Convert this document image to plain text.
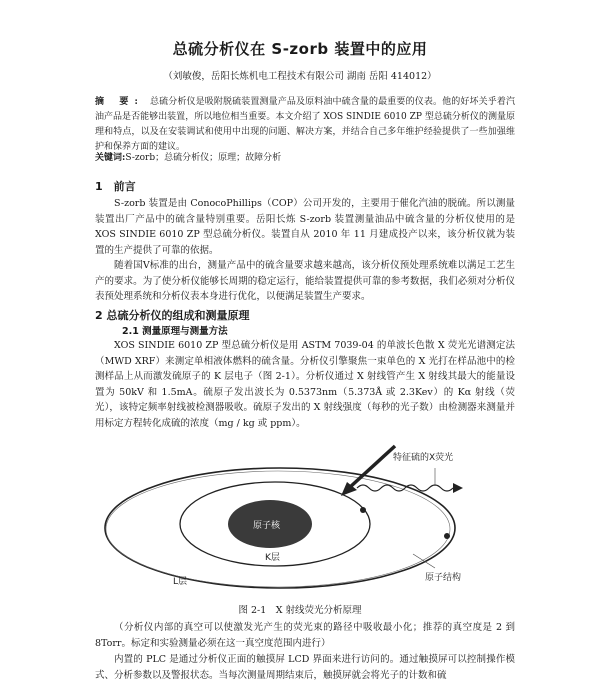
总硫分析仪在 S-zorb 装置中的应用
（刘敏俊，岳阳长炼机电工程技术有限公司 湖南 岳阳 414012）
摘 要: 总硫分析仪是吸附脱硫装置测量产品及原料油中硫含量的最重要的仪表。他的好坏关乎着汽油产品是否能够出装置，所以地位相当重要。本文介绍了 XOS SINDIE 6010 ZP 型总硫分析仪的测量原理和特点，以及在安装调试和使用中出现的问题、解决方案，并结合自己多年维护经验提供了一些加强维护和保养方面的建议。
关键词:S-zorb；总硫分析仪；原理；故障分析
1　前言
S-zorb 装置是由 ConocoPhillips（COP）公司开发的，主要用于催化汽油的脱硫。所以测量装置出厂产品中的硫含量特别重要。岳阳长炼 S-zorb 装置测量油品中硫含量的分析仪使用的是 XOS SINDIE 6010 ZP 型总硫分析仪。装置自从 2010 年 11 月建成投产以来，该分析仪就为装置的生产提供了可靠的依据。
随着国Ⅴ标准的出台，测量产品中的硫含量要求越来越高，该分析仪预处理系统难以满足工艺生产的要求。为了使分析仪能够长周期的稳定运行，能给装置提供可靠的参考数据，我们必须对分析仪表预处理系统和分析仪表本身进行优化，以便满足装置生产要求。
2 总硫分析仪的组成和测量原理
2.1 测量原理与测量方法
XOS SINDIE 6010 ZP 型总硫分析仪是用 ASTM 7039-04 的单波长色散 X 荧光光谱测定法（MWD XRF）来测定单相液体燃料的硫含量。分析仪引擎聚焦一束单色的 X 光打在样品池中的检测样品上从而激发硫原子的 K 层电子（图 2-1）。分析仪通过 X 射线管产生 X 射线其最大的能量设置为 50kV 和 1.5mA。硫原子发出波长为 0.5373nm（5.373Å 或 2.3Kev）的 Kα 射线（荧光），该特定频率射线被检测器吸收。硫原子发出的 X 射线强度（每秒的光子数）由检测器来测量并用标定方程转化成硫的浓度（mg / kg 或 ppm）。
原子核
特征硫的X荧光
K层
L层	原子结构
图 2-1　X 射线荧光分析原理
（分析仪内部的真空可以使激发光产生的荧光束的路径中吸收最小化；推荐的真空度是 2 到 8Torr。标定和实验测量必须在这一真空度范围内进行）
内置的 PLC 是通过分析仪正面的触摸屏 LCD 界面来进行访问的。通过触摸屏可以控制操作模式、分析参数以及警报状态。当每次测量周期结束后，触摸屏就会将光子的计数和硫
